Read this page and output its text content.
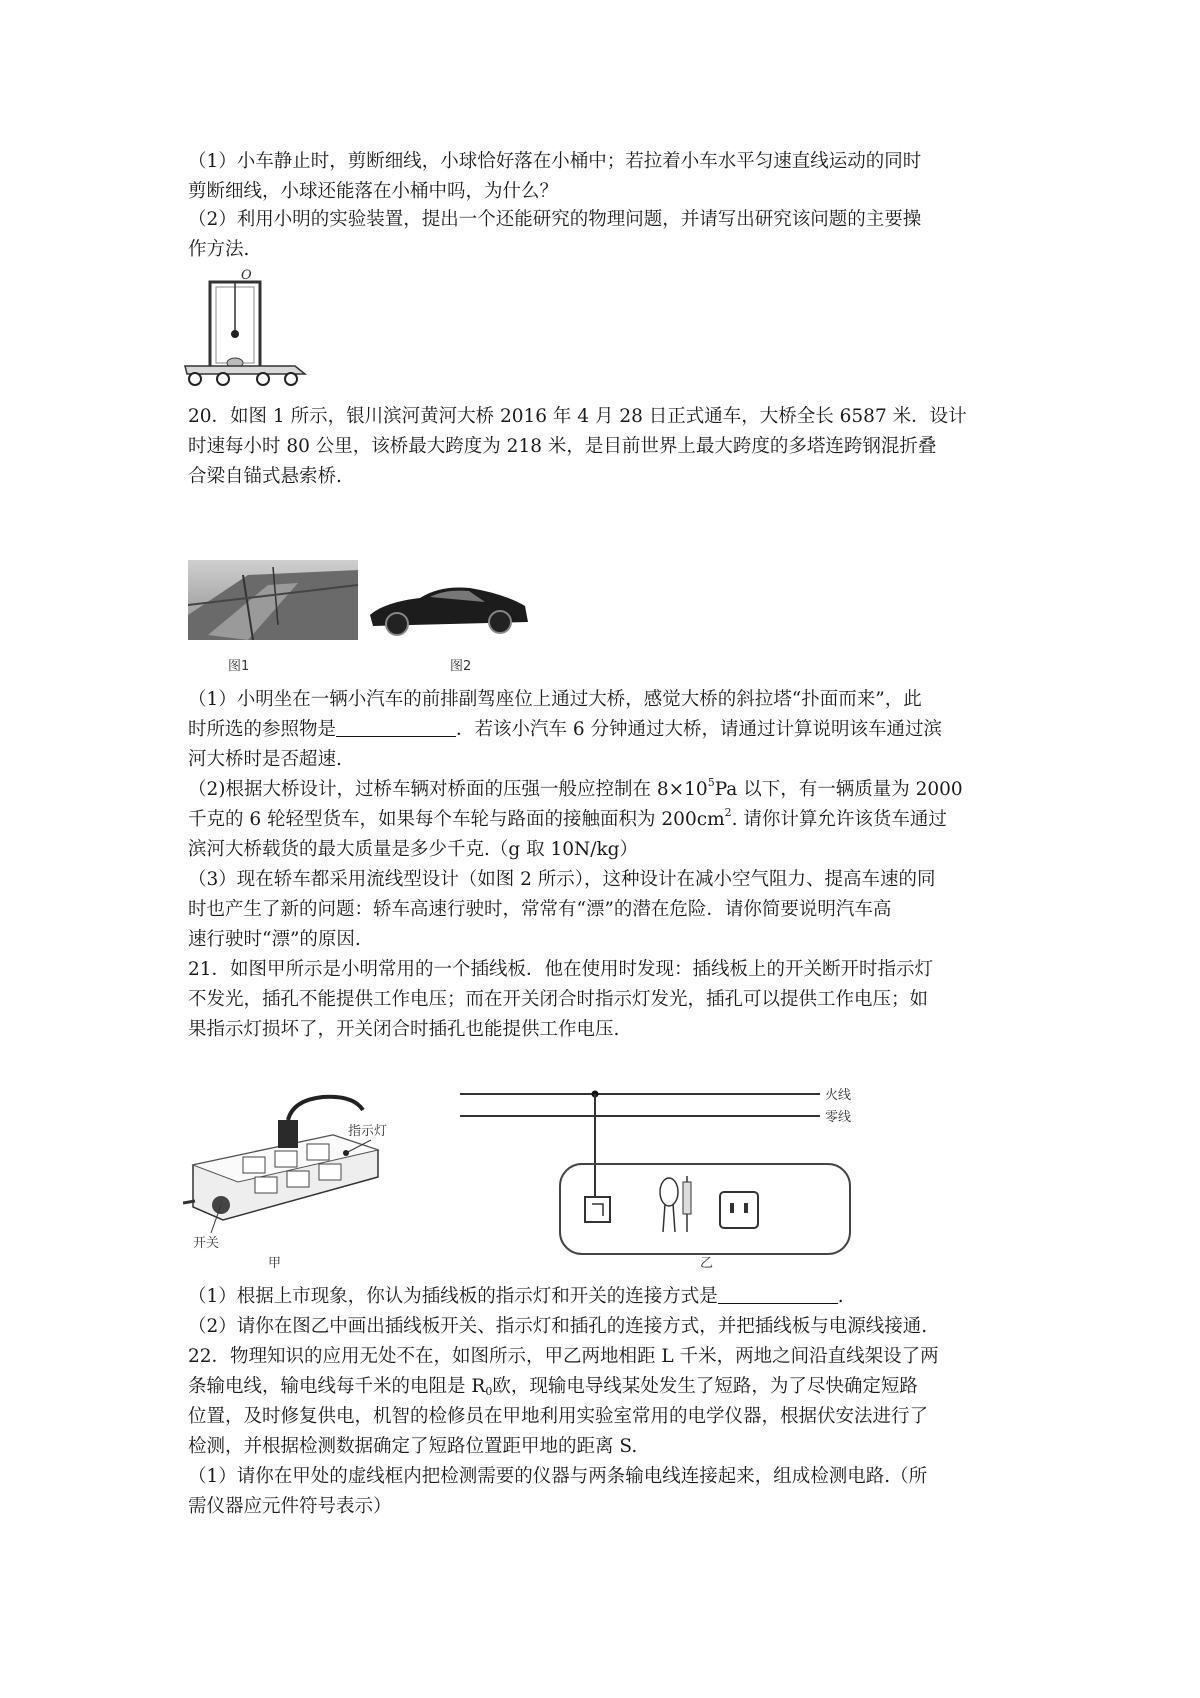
（1）小车静止时，剪断细线，小球恰好落在小桶中；若拉着小车水平匀速直线运动的同时
剪断细线，小球还能落在小桶中吗，为什么？
（2）利用小明的实验装置，提出一个还能研究的物理问题，并请写出研究该问题的主要操
作方法.
O
20．如图 1 所示，银川滨河黄河大桥 2016 年 4 月 28 日正式通车，大桥全长 6587 米．设计
时速每小时 80 公里，该桥最大跨度为 218 米，是目前世界上最大跨度的多塔连跨钢混折叠
合梁自锚式悬索桥.
图1	图2
（1）小明坐在一辆小汽车的前排副驾座位上通过大桥，感觉大桥的斜拉塔“扑面而来”，此
时所选的参照物是	．若该小汽车 6 分钟通过大桥，请通过计算说明该车通过滨
河大桥时是否超速.
（2)根据大桥设计，过桥车辆对桥面的压强一般应控制在 $8\times 10^5Pa$ 以下，有一辆质量为 2000
千克的 6 轮轻型货车，如果每个车轮与路面的接触面积为 $200cm^2$. 请你计算允许该货车通过
滨河大桥载货的最大质量是多少千克.（g 取 10N/kg）
（3）现在轿车都采用流线型设计（如图 2 所示），这种设计在减小空气阻力、提高车速的同
时也产生了新的问题：轿车高速行驶时，常常有“漂”的潜在危险．请你简要说明汽车高
速行驶时“漂”的原因.
21．如图甲所示是小明常用的一个插线板．他在使用时发现：插线板上的开关断开时指示灯
不发光，插孔不能提供工作电压；而在开关闭合时指示灯发光，插孔可以提供工作电压；如
果指示灯损坏了，开关闭合时插孔也能提供工作电压.
指示灯
开关
甲
火线
零线
乙
（1）根据上市现象，你认为插线板的指示灯和开关的连接方式是	.
（2）请你在图乙中画出插线板开关、指示灯和插孔的连接方式，并把插线板与电源线接通.
22．物理知识的应用无处不在，如图所示，甲乙两地相距 L 千米，两地之间沿直线架设了两
条输电线，输电线每千米的电阻是 $R_0$欧，现输电导线某处发生了短路，为了尽快确定短路
位置，及时修复供电，机智的检修员在甲地利用实验室常用的电学仪器，根据伏安法进行了
检测，并根据检测数据确定了短路位置距甲地的距离 S.
（1）请你在甲处的虚线框内把检测需要的仪器与两条输电线连接起来，组成检测电路.（所
需仪器应元件符号表示）
